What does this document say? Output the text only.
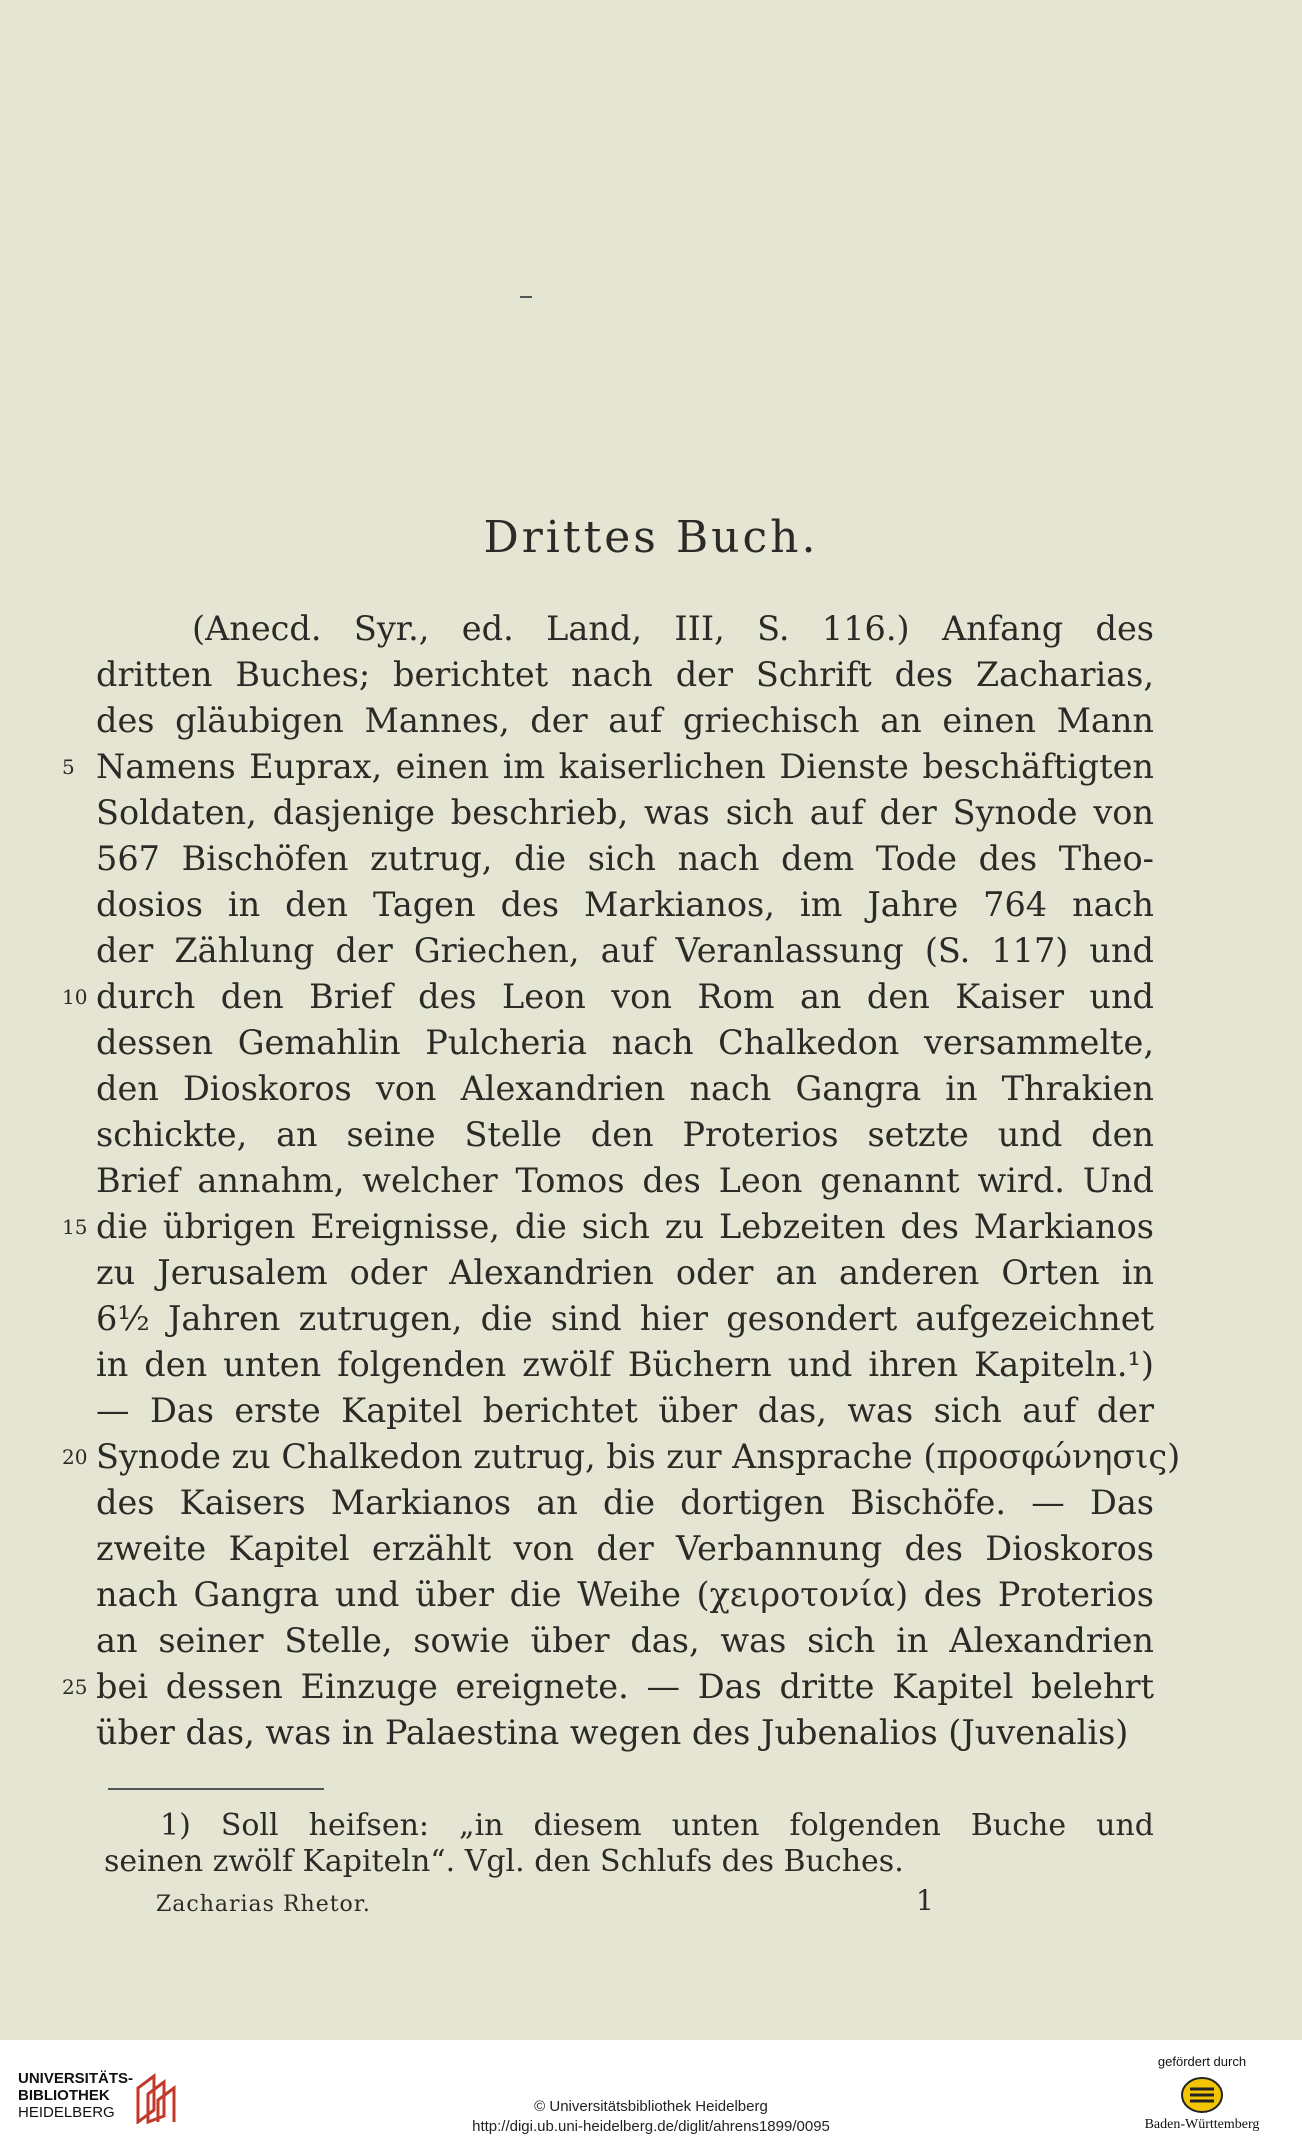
Drittes Buch.
(Anecd. Syr., ed. Land, III, S. 116.) Anfang des
dritten Buches; berichtet nach der Schrift des Zacharias,
des gläubigen Mannes, der auf griechisch an einen Mann
5 Namens Euprax, einen im kaiserlichen Dienste beschäftigten
Soldaten, dasjenige beschrieb, was sich auf der Synode von
567 Bischöfen zutrug, die sich nach dem Tode des Theo-
dosios in den Tagen des Markianos, im Jahre 764 nach
der Zählung der Griechen, auf Veranlassung (S. 117) und
10 durch den Brief des Leon von Rom an den Kaiser und
dessen Gemahlin Pulcheria nach Chalkedon versammelte,
den Dioskoros von Alexandrien nach Gangra in Thrakien
schickte, an seine Stelle den Proterios setzte und den
Brief annahm, welcher Tomos des Leon genannt wird. Und
15 die übrigen Ereignisse, die sich zu Lebzeiten des Markianos
zu Jerusalem oder Alexandrien oder an anderen Orten in
6½ Jahren zutrugen, die sind hier gesondert aufgezeichnet
in den unten folgenden zwölf Büchern und ihren Kapiteln.¹)
— Das erste Kapitel berichtet über das, was sich auf der
20 Synode zu Chalkedon zutrug, bis zur Ansprache (προσφώνησις)
des Kaisers Markianos an die dortigen Bischöfe. — Das
zweite Kapitel erzählt von der Verbannung des Dioskoros
nach Gangra und über die Weihe (χειροτονία) des Proterios
an seiner Stelle, sowie über das, was sich in Alexandrien
25 bei dessen Einzuge ereignete. — Das dritte Kapitel belehrt
über das, was in Palaestina wegen des Jubenalios (Juvenalis)
1) Soll heifsen: „in diesem unten folgenden Buche und
seinen zwölf Kapiteln“. Vgl. den Schlufs des Buches.
Zacharias Rhetor.	1
UNIVERSITÄTS-
BIBLIOTHEK
HEIDELBERG	© Universitätsbibliothek Heidelberg
http://digi.ub.uni-heidelberg.de/diglit/ahrens1899/0095
gefördert durch
Baden-Württemberg
